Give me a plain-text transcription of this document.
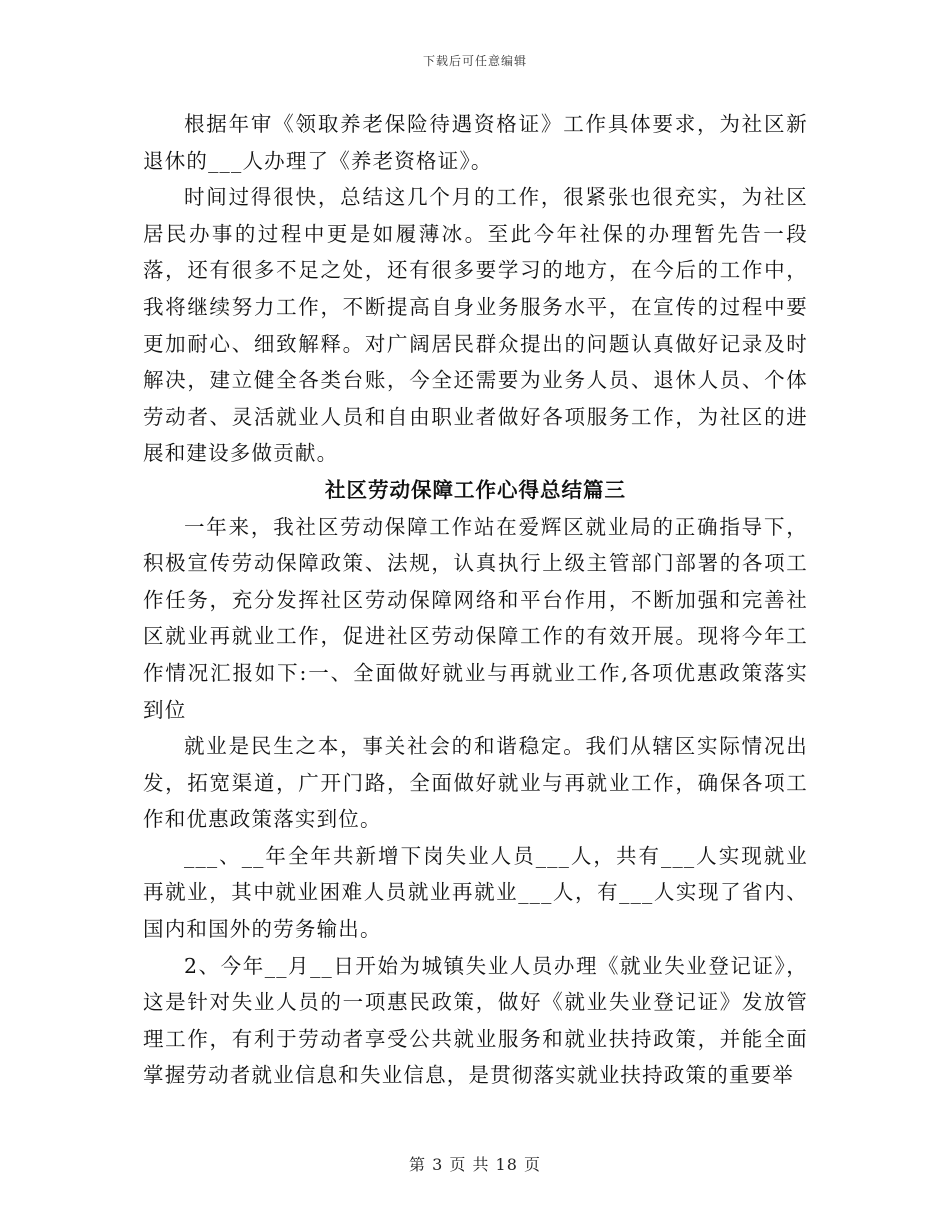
下载后可任意编辑

根据年审《领取养老保险待遇资格证》工作具体要求，为社区新退休的___人办理了《养老资格证》。

时间过得很快，总结这几个月的工作，很紧张也很充实，为社区居民办事的过程中更是如履薄冰。至此今年社保的办理暂先告一段落，还有很多不足之处，还有很多要学习的地方，在今后的工作中，我将继续努力工作，不断提高自身业务服务水平，在宣传的过程中要更加耐心、细致解释。对广阔居民群众提出的问题认真做好记录及时解决，建立健全各类台账，今全还需要为业务人员、退休人员、个体劳动者、灵活就业人员和自由职业者做好各项服务工作，为社区的进展和建设多做贡献。

社区劳动保障工作心得总结篇三

一年来，我社区劳动保障工作站在爱辉区就业局的正确指导下，积极宣传劳动保障政策、法规，认真执行上级主管部门部署的各项工作任务，充分发挥社区劳动保障网络和平台作用，不断加强和完善社区就业再就业工作，促进社区劳动保障工作的有效开展。现将今年工作情况汇报如下:一、全面做好就业与再就业工作,各项优惠政策落实到位

就业是民生之本，事关社会的和谐稳定。我们从辖区实际情况出发，拓宽渠道，广开门路，全面做好就业与再就业工作，确保各项工作和优惠政策落实到位。

___、__年全年共新增下岗失业人员___人，共有___人实现就业再就业，其中就业困难人员就业再就业___人，有___人实现了省内、国内和国外的劳务输出。

2、今年__月__日开始为城镇失业人员办理《就业失业登记证》，这是针对失业人员的一项惠民政策，做好《就业失业登记证》发放管理工作，有利于劳动者享受公共就业服务和就业扶持政策，并能全面掌握劳动者就业信息和失业信息，是贯彻落实就业扶持政策的重要举

第 3 页 共 18 页
